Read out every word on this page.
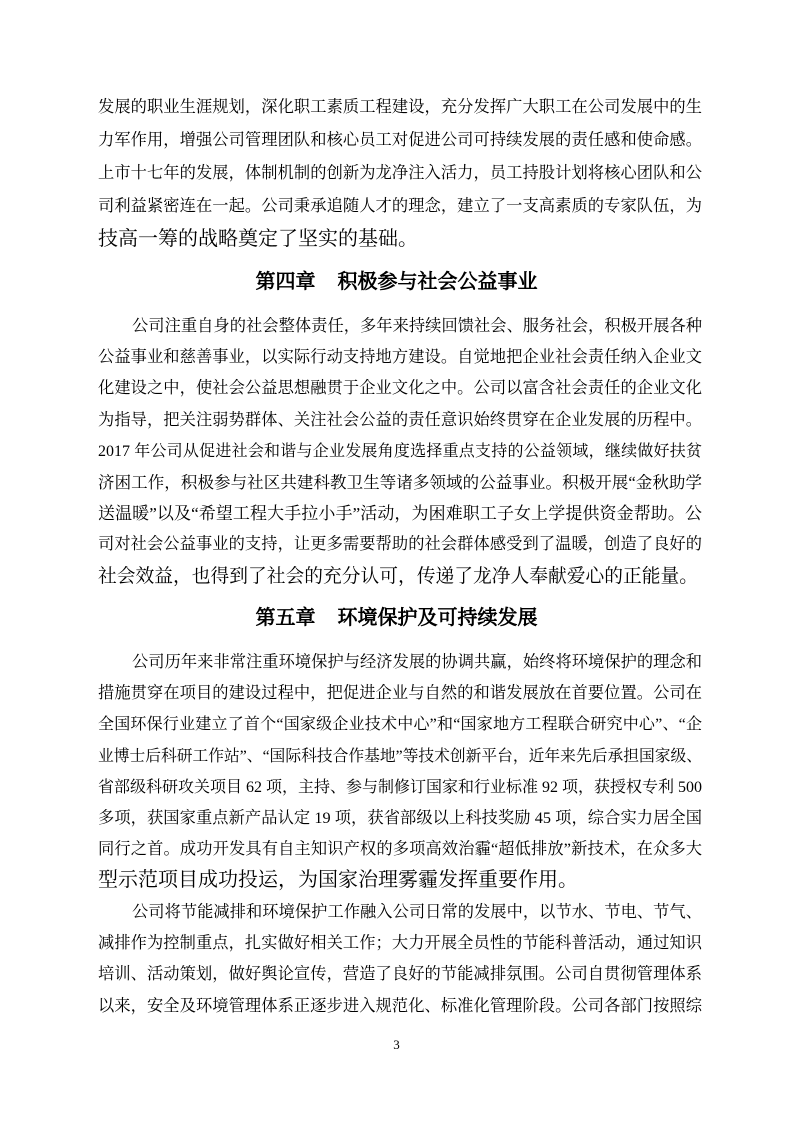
发展的职业生涯规划，深化职工素质工程建设，充分发挥广大职工在公司发展中的生
力军作用，增强公司管理团队和核心员工对促进公司可持续发展的责任感和使命感。
上市十七年的发展，体制机制的创新为龙净注入活力，员工持股计划将核心团队和公
司利益紧密连在一起。公司秉承追随人才的理念，建立了一支高素质的专家队伍，为
技高一筹的战略奠定了坚实的基础。
第四章 积极参与社会公益事业
公司注重自身的社会整体责任，多年来持续回馈社会、服务社会，积极开展各种
公益事业和慈善事业，以实际行动支持地方建设。自觉地把企业社会责任纳入企业文
化建设之中，使社会公益思想融贯于企业文化之中。公司以富含社会责任的企业文化
为指导，把关注弱势群体、关注社会公益的责任意识始终贯穿在企业发展的历程中。
2017 年公司从促进社会和谐与企业发展角度选择重点支持的公益领域，继续做好扶贫
济困工作，积极参与社区共建科教卫生等诸多领域的公益事业。积极开展“金秋助学
送温暖”以及“希望工程大手拉小手”活动，为困难职工子女上学提供资金帮助。公
司对社会公益事业的支持，让更多需要帮助的社会群体感受到了温暖，创造了良好的
社会效益，也得到了社会的充分认可，传递了龙净人奉献爱心的正能量。
第五章 环境保护及可持续发展
公司历年来非常注重环境保护与经济发展的协调共赢，始终将环境保护的理念和
措施贯穿在项目的建设过程中，把促进企业与自然的和谐发展放在首要位置。公司在
全国环保行业建立了首个“国家级企业技术中心”和“国家地方工程联合研究中心”、“企
业博士后科研工作站”、“国际科技合作基地”等技术创新平台，近年来先后承担国家级、
省部级科研攻关项目 62 项，主持、参与制修订国家和行业标准 92 项，获授权专利 500
多项，获国家重点新产品认定 19 项，获省部级以上科技奖励 45 项，综合实力居全国
同行之首。成功开发具有自主知识产权的多项高效治霾“超低排放”新技术，在众多大
型示范项目成功投运，为国家治理雾霾发挥重要作用。
公司将节能减排和环境保护工作融入公司日常的发展中，以节水、节电、节气、
减排作为控制重点，扎实做好相关工作；大力开展全员性的节能科普活动，通过知识
培训、活动策划，做好舆论宣传，营造了良好的节能减排氛围。公司自贯彻管理体系
以来，安全及环境管理体系正逐步进入规范化、标准化管理阶段。公司各部门按照综
3
